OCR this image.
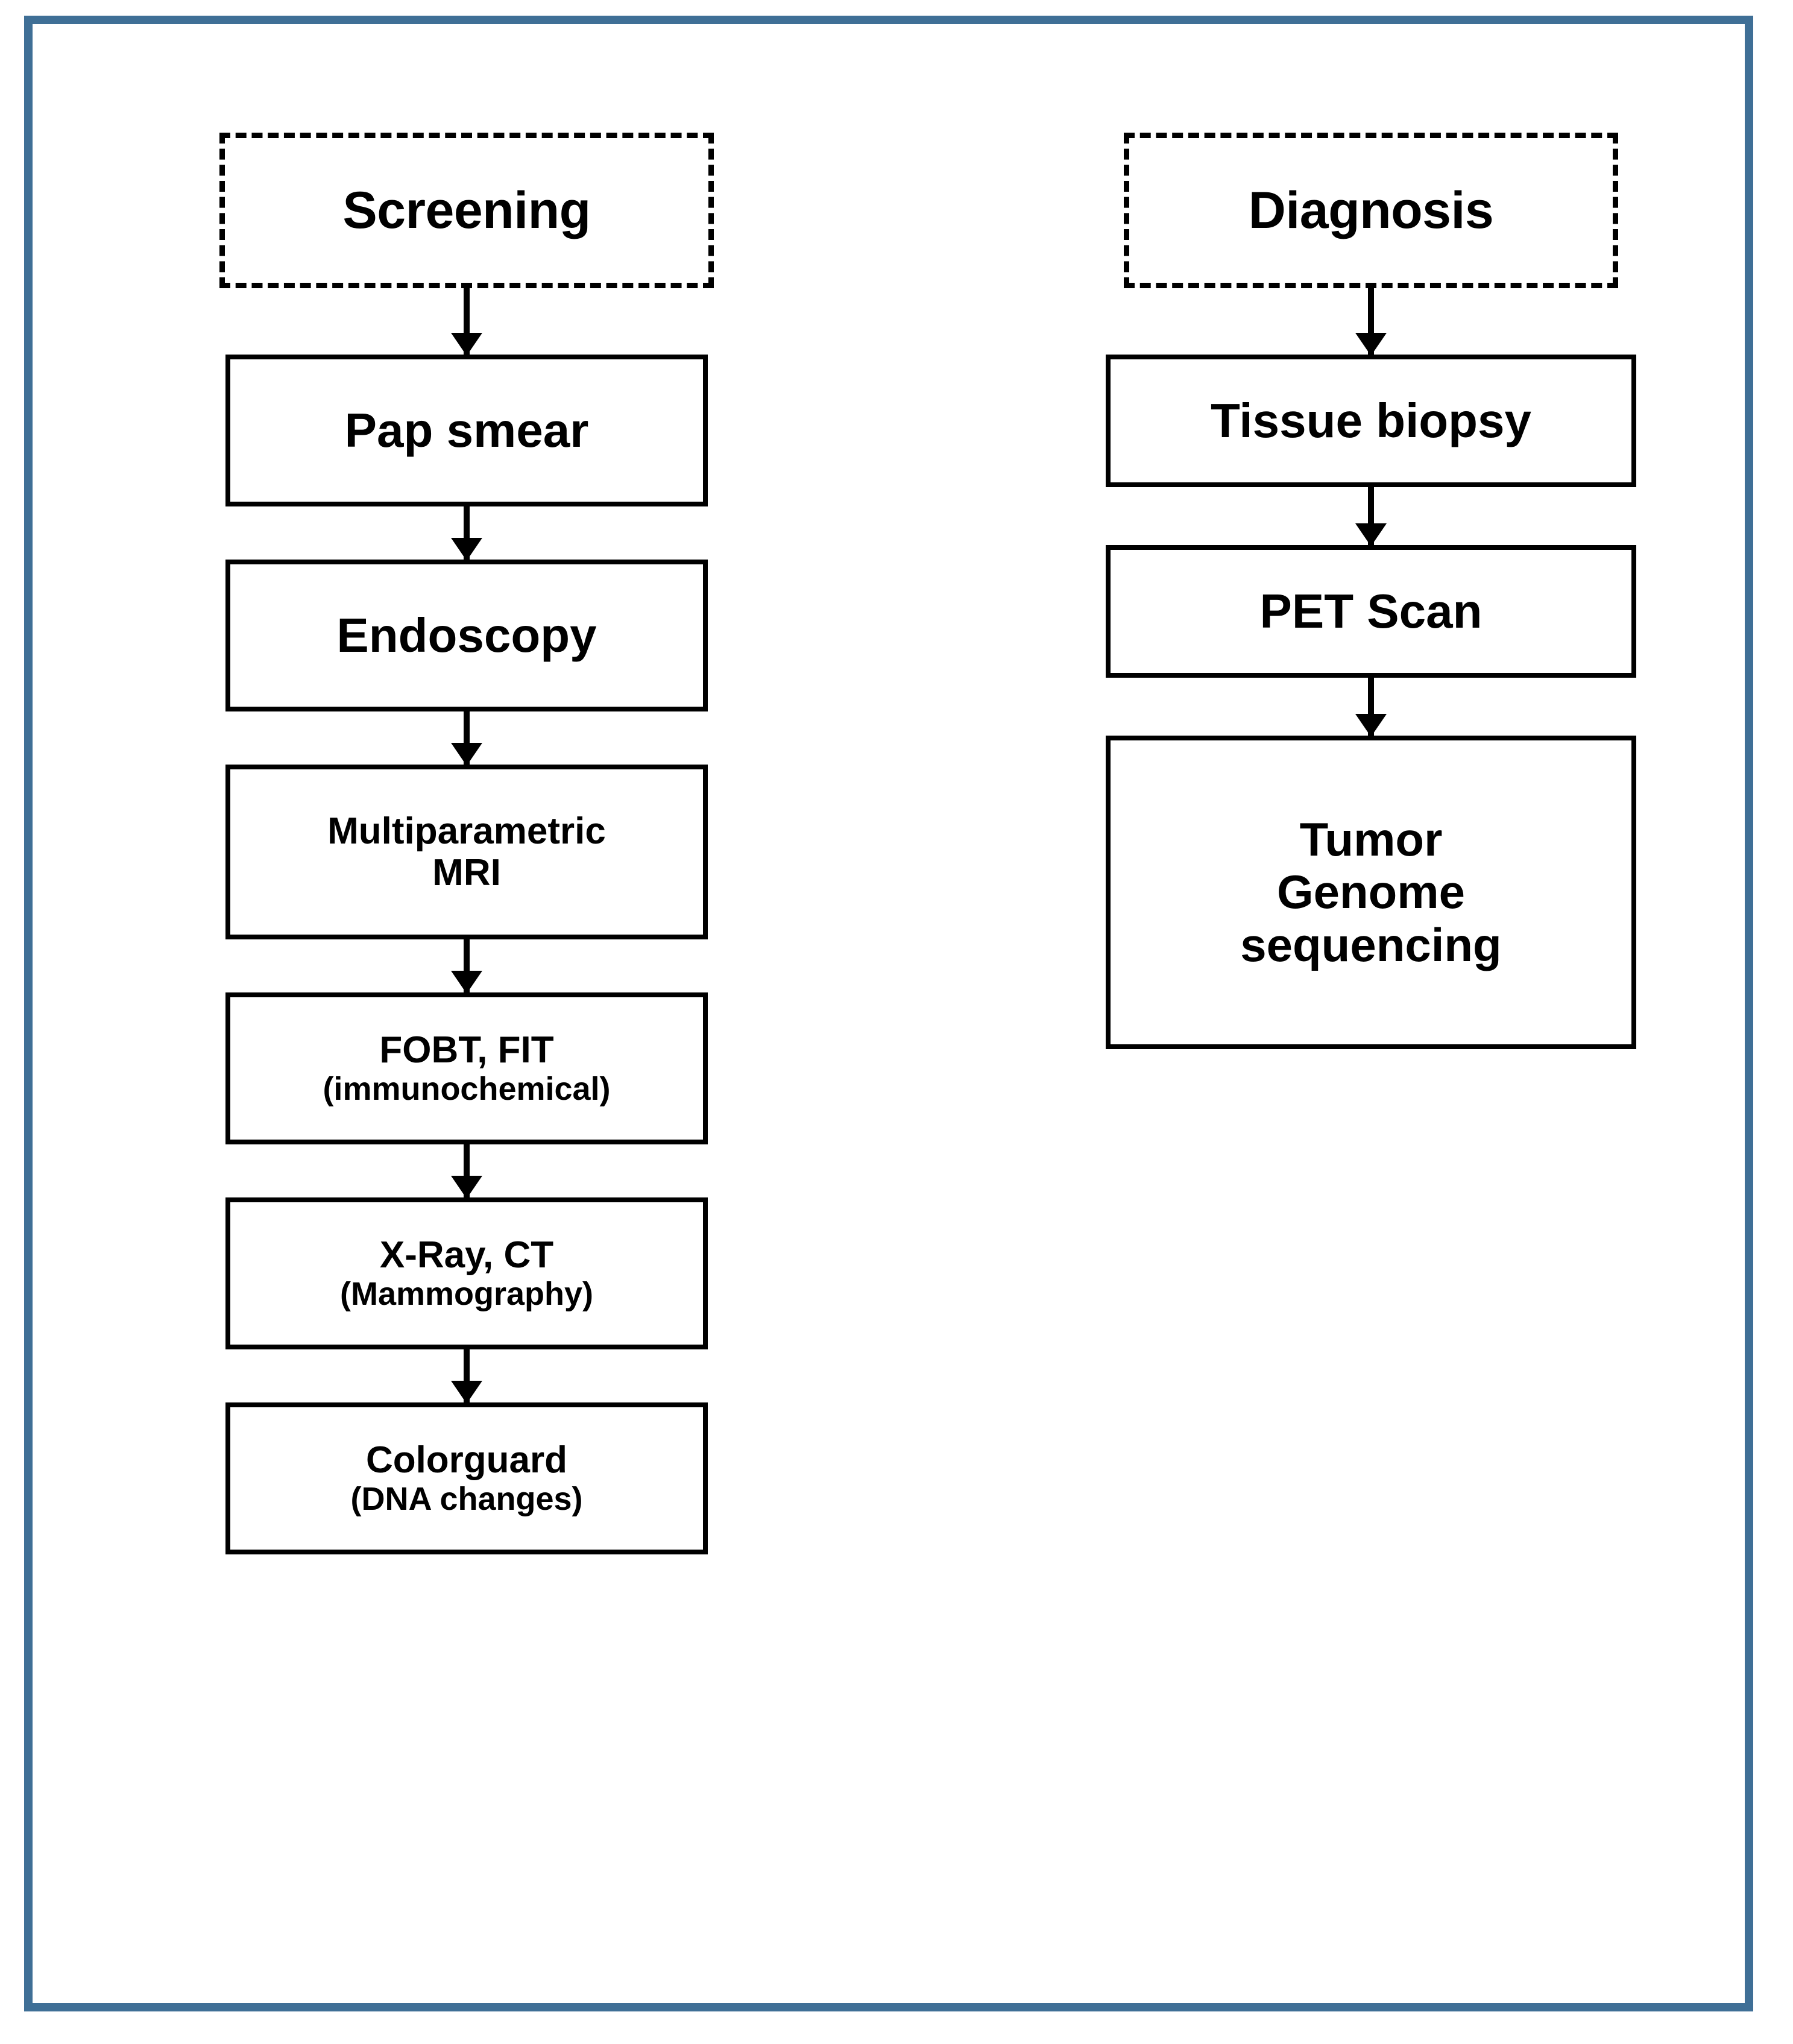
Screening
Pap smear
Endoscopy
Multiparametric
MRI
FOBT, FIT
(immunochemical)
X-Ray, CT
(Mammography)
Colorguard
(DNA changes)
Diagnosis
Tissue biopsy
PET Scan
Tumor
Genome
sequencing
